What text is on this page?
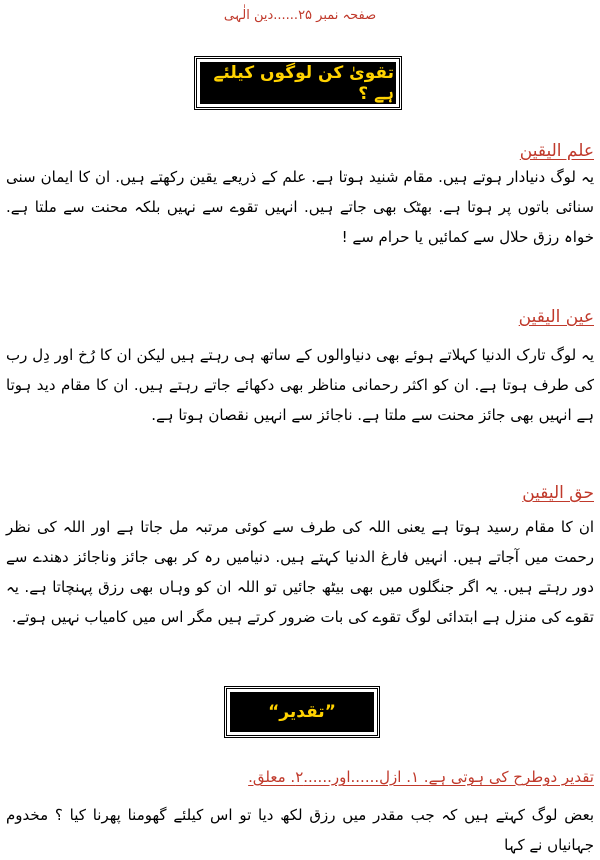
صفحہ نمبر ۲۵......دین الٰہی
تقویٰ کن لوگوں کیلئے ہے ؟
علم الیقین
یہ لوگ دنیادار ہوتے ہیں. مقام شنید ہوتا ہے. علم کے ذریعے یقین رکھتے ہیں. ان کا ایمان سنی سنائی باتوں پر ہوتا ہے. بھٹک بھی جاتے ہیں. انہیں تقوے سے نہیں بلکہ محنت سے ملتا ہے. خواہ رزق حلال سے کمائیں یا حرام سے !
عین الیقین
یہ لوگ تارک الدنیا کہلاتے ہوئے بھی دنیاوالوں کے ساتھ ہی رہتے ہیں لیکن ان کا رُخ اور دِل رب کی طرف ہوتا ہے. ان کو اکثر رحمانی مناظر بھی دکھائے جاتے رہتے ہیں. ان کا مقام دید ہوتا ہے انہیں بھی جائز محنت سے ملتا ہے. ناجائز سے انہیں نقصان ہوتا ہے.
حق الیقین
ان کا مقام رسید ہوتا ہے یعنی اللہ کی طرف سے کوئی مرتبہ مل جاتا ہے اور اللہ کی نظر رحمت میں آجاتے ہیں. انہیں فارغ الدنیا کہتے ہیں. دنیامیں رہ کر بھی جائز وناجائز دھندے سے دور رہتے ہیں. یہ اگر جنگلوں میں بھی بیٹھ جائیں تو اللہ ان کو وہاں بھی رزق پہنچاتا ہے. یہ تقوے کی منزل ہے ابتدائی لوگ تقوے کی بات ضرور کرتے ہیں مگر اس میں کامیاب نہیں ہوتے.
”تقدیر“
تقدیر دوطرح کی ہوتی ہے. ۱. ازل......اور......۲. معلق.
بعض لوگ کہتے ہیں کہ جب مقدر میں رزق لکھ دیا تو اس کیلئے گھومنا پھرنا کیا ؟ مخدوم جہانیاں نے کہا
